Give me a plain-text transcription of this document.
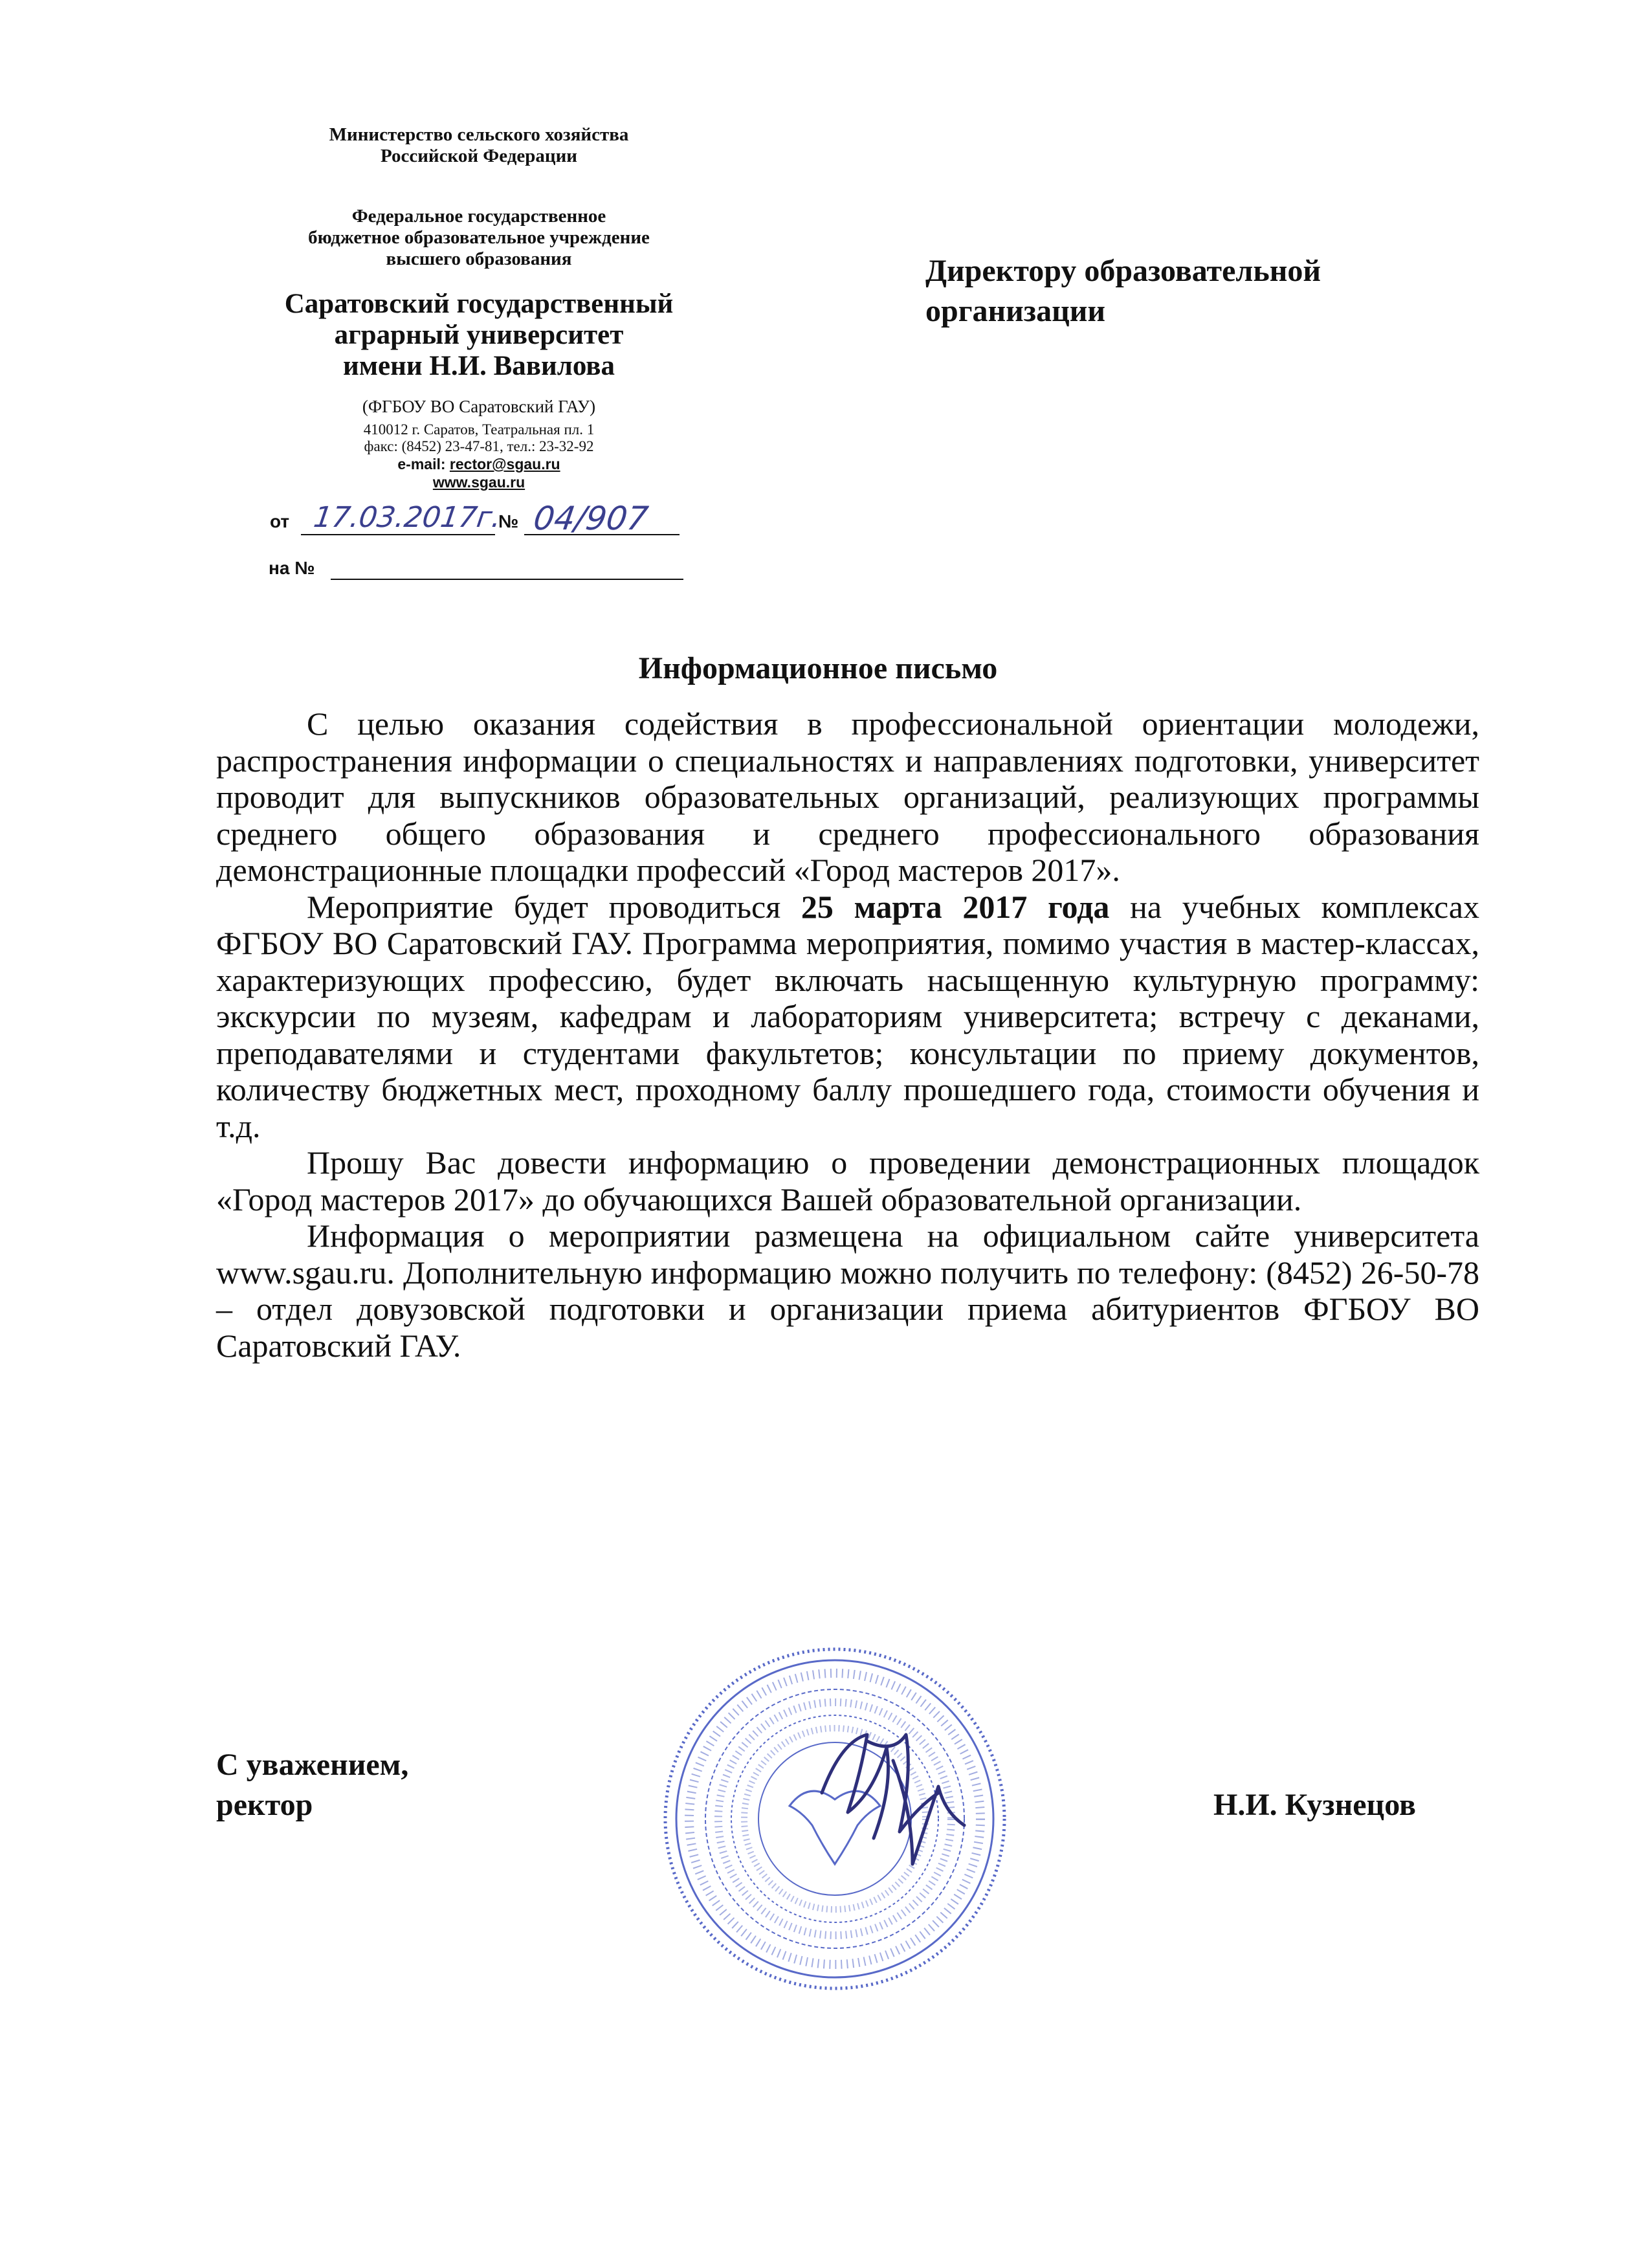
Министерство сельского хозяйства
Российской Федерации
Федеральное государственное
бюджетное образовательное учреждение
высшего образования
Саратовский государственный
аграрный университет
имени Н.И. Вавилова
(ФГБОУ ВО Саратовский ГАУ)
410012 г. Саратов, Театральная пл. 1
факс: (8452) 23-47-81, тел.: 23-32-92
e-mail: rector@sgau.ru
www.sgau.ru
от 17.03.2017г.
№ 04/907
на №
Директору образовательной
организации
Информационное письмо

С целью оказания содействия в профессиональной ориентации молодежи, распространения информации о специальностях и направлениях подготовки, университет проводит для выпускников образовательных организаций, реализующих программы среднего общего образования и среднего профессионального образования демонстрационные площадки профессий «Город мастеров 2017».

Мероприятие будет проводиться 25 марта 2017 года на учебных комплексах ФГБОУ ВО Саратовский ГАУ. Программа мероприятия, помимо участия в мастер-классах, характеризующих профессию, будет включать насыщенную культурную программу: экскурсии по музеям, кафедрам и лабораториям университета; встречу с деканами, преподавателями и студентами факультетов; консультации по приему документов, количеству бюджетных мест, проходному баллу прошедшего года, стоимости обучения и т.д.

Прошу Вас довести информацию о проведении демонстрационных площадок «Город мастеров 2017» до обучающихся Вашей образовательной организации.

Информация о мероприятии размещена на официальном сайте университета www.sgau.ru. Дополнительную информацию можно получить по телефону: (8452) 26-50-78 – отдел довузовской подготовки и организации приема абитуриентов ФГБОУ ВО Саратовский ГАУ.

С уважением,
ректор	Н.И. Кузнецов
